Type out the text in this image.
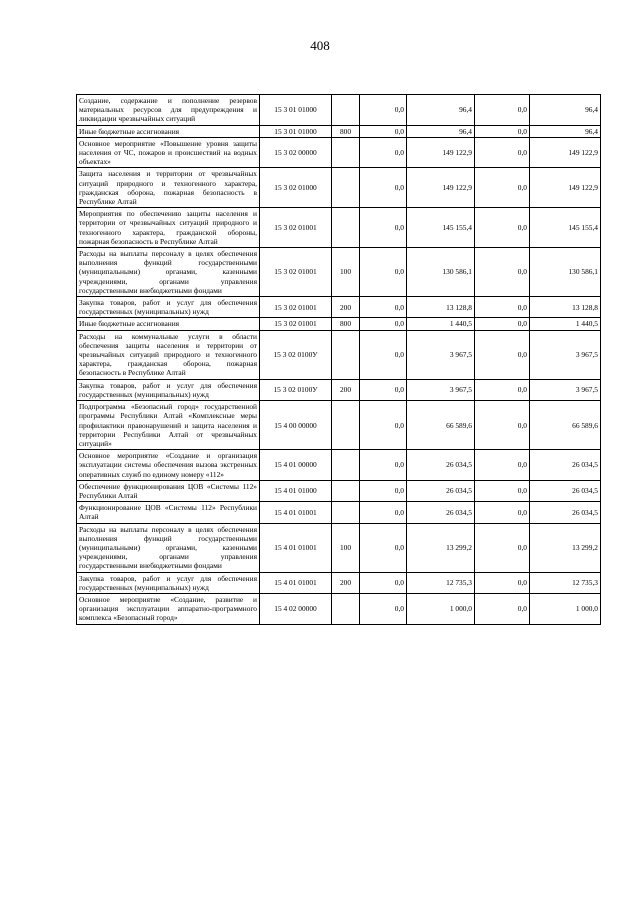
408
Создание, содержание и пополнение резервов материальных ресурсов для предупреждения и ликвидации чрезвычайных ситуаций	15 3 01 01000		0,0	96,4	0,0	96,4
Иные бюджетные ассигнования	15 3 01 01000	800	0,0	96,4	0,0	96,4
Основное мероприятие «Повышение уровня защиты населения от ЧС, пожаров и происшествий на водных объектах»	15 3 02 00000		0,0	149 122,9	0,0	149 122,9
Защита населения и территории от чрезвычайных ситуаций природного и техногенного характера, гражданская оборона, пожарная безопасность в Республике Алтай	15 3 02 01000		0,0	149 122,9	0,0	149 122,9
Мероприятия по обеспечению защиты населения и территории от чрезвычайных ситуаций природного и техногенного характера, гражданской обороны, пожарная безопасность в Республике Алтай	15 3 02 01001		0,0	145 155,4	0,0	145 155,4
Расходы на выплаты персоналу в целях обеспечения выполнения функций государственными (муниципальными) органами, казенными учреждениями, органами управления государственными внебюджетными фондами	15 3 02 01001	100	0,0	130 586,1	0,0	130 586,1
Закупка товаров, работ и услуг для обеспечения государственных (муниципальных) нужд	15 3 02 01001	200	0,0	13 128,8	0,0	13 128,8
Иные бюджетные ассигнования	15 3 02 01001	800	0,0	1 440,5	0,0	1 440,5
Расходы на коммунальные услуги в области обеспечения защиты населения и территории от чрезвычайных ситуаций природного и техногенного характера, гражданская оборона, пожарная безопасность в Республике Алтай	15 3 02 0100У		0,0	3 967,5	0,0	3 967,5
Закупка товаров, работ и услуг для обеспечения государственных (муниципальных) нужд	15 3 02 0100У	200	0,0	3 967,5	0,0	3 967,5
Подпрограмма «Безопасный город» государственной программы Республики Алтай «Комплексные меры профилактики правонарушений и защита населения и территории Республики Алтай от чрезвычайных ситуаций»	15 4 00 00000		0,0	66 589,6	0,0	66 589,6
Основное мероприятие «Создание и организация эксплуатации системы обеспечения вызова экстренных оперативных служб по единому номеру «112»	15 4 01 00000		0,0	26 034,5	0,0	26 034,5
Обеспечение функционирования ЦОВ «Системы 112» Республики Алтай	15 4 01 01000		0,0	26 034,5	0,0	26 034,5
Функционирование ЦОВ «Системы 112» Республики Алтай	15 4 01 01001		0,0	26 034,5	0,0	26 034,5
Расходы на выплаты персоналу в целях обеспечения выполнения функций государственными (муниципальными) органами, казенными учреждениями, органами управления государственными внебюджетными фондами	15 4 01 01001	100	0,0	13 299,2	0,0	13 299,2
Закупка товаров, работ и услуг для обеспечения государственных (муниципальных) нужд	15 4 01 01001	200	0,0	12 735,3	0,0	12 735,3
Основное мероприятие «Создание, развитие и организация эксплуатации аппаратно-программного комплекса «Безопасный город»	15 4 02 00000		0,0	1 000,0	0,0	1 000,0
